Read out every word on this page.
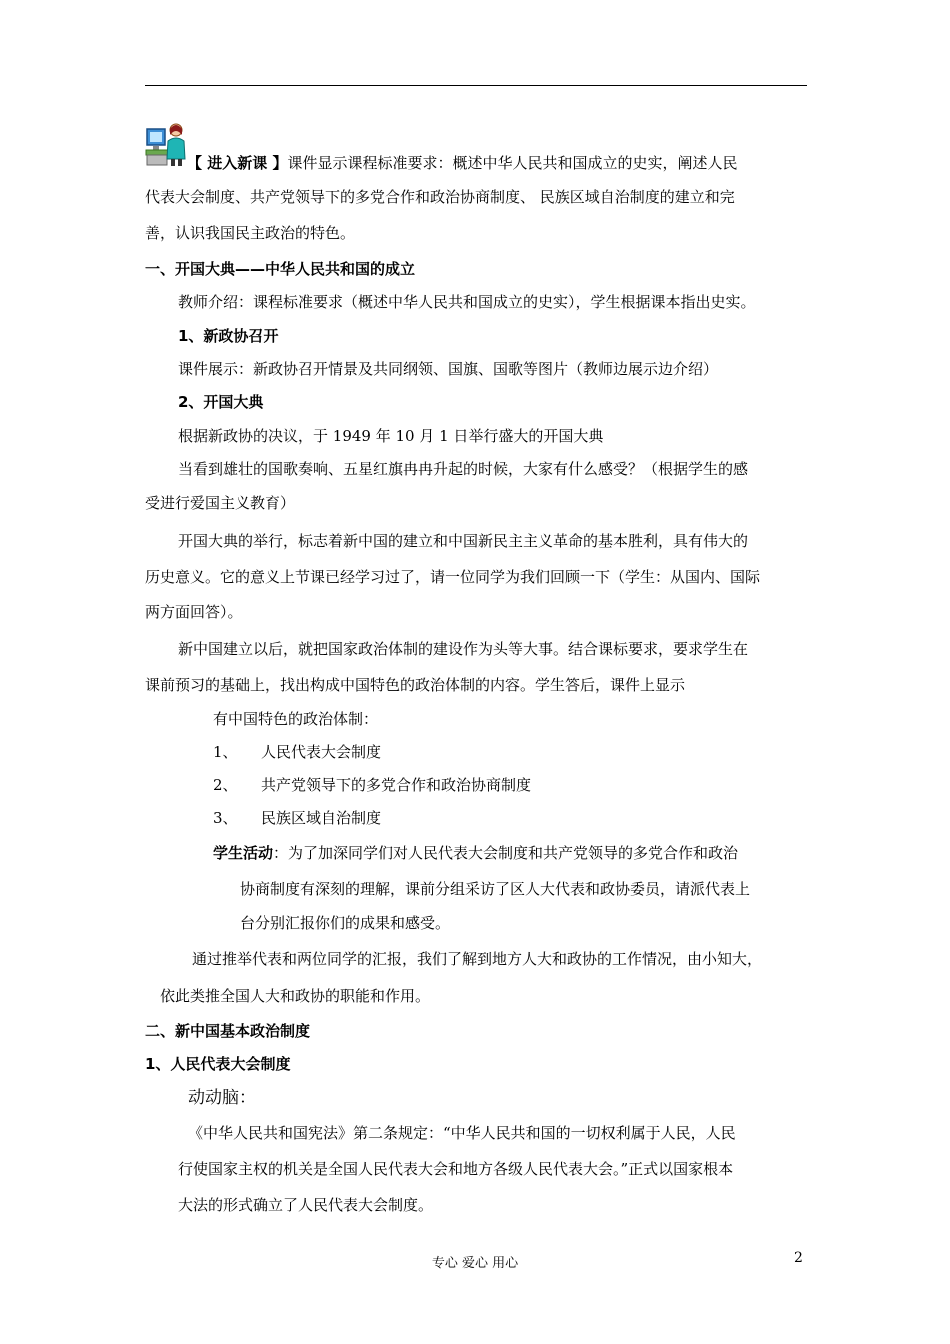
【 进入新课 】课件显示课程标准要求：概述中华人民共和国成立的史实，阐述人民
代表大会制度、共产党领导下的多党合作和政治协商制度、 民族区域自治制度的建立和完
善，认识我国民主政治的特色。
一、开国大典——中华人民共和国的成立
教师介绍：课程标准要求（概述中华人民共和国成立的史实），学生根据课本指出史实。
1、新政协召开
课件展示：新政协召开情景及共同纲领、国旗、国歌等图片（教师边展示边介绍）
2、开国大典
根据新政协的决议，于 1949 年 10 月 1 日举行盛大的开国大典
当看到雄壮的国歌奏响、五星红旗冉冉升起的时候，大家有什么感受？（根据学生的感
受进行爱国主义教育）
开国大典的举行，标志着新中国的建立和中国新民主主义革命的基本胜利，具有伟大的
历史意义。它的意义上节课已经学习过了，请一位同学为我们回顾一下（学生：从国内、国际
两方面回答）。
新中国建立以后，就把国家政治体制的建设作为头等大事。结合课标要求，要求学生在
课前预习的基础上，找出构成中国特色的政治体制的内容。学生答后，课件上显示
有中国特色的政治体制：
1、 人民代表大会制度
2、 共产党领导下的多党合作和政治协商制度
3、 民族区域自治制度
学生活动：为了加深同学们对人民代表大会制度和共产党领导的多党合作和政治
协商制度有深刻的理解，课前分组采访了区人大代表和政协委员，请派代表上
台分别汇报你们的成果和感受。
通过推举代表和两位同学的汇报，我们了解到地方人大和政协的工作情况，由小知大，
依此类推全国人大和政协的职能和作用。
二、新中国基本政治制度
1、人民代表大会制度
动动脑：
《中华人民共和国宪法》第二条规定：“中华人民共和国的一切权利属于人民，人民
行使国家主权的机关是全国人民代表大会和地方各级人民代表大会。”正式以国家根本
大法的形式确立了人民代表大会制度。
专心 爱心 用心	2
